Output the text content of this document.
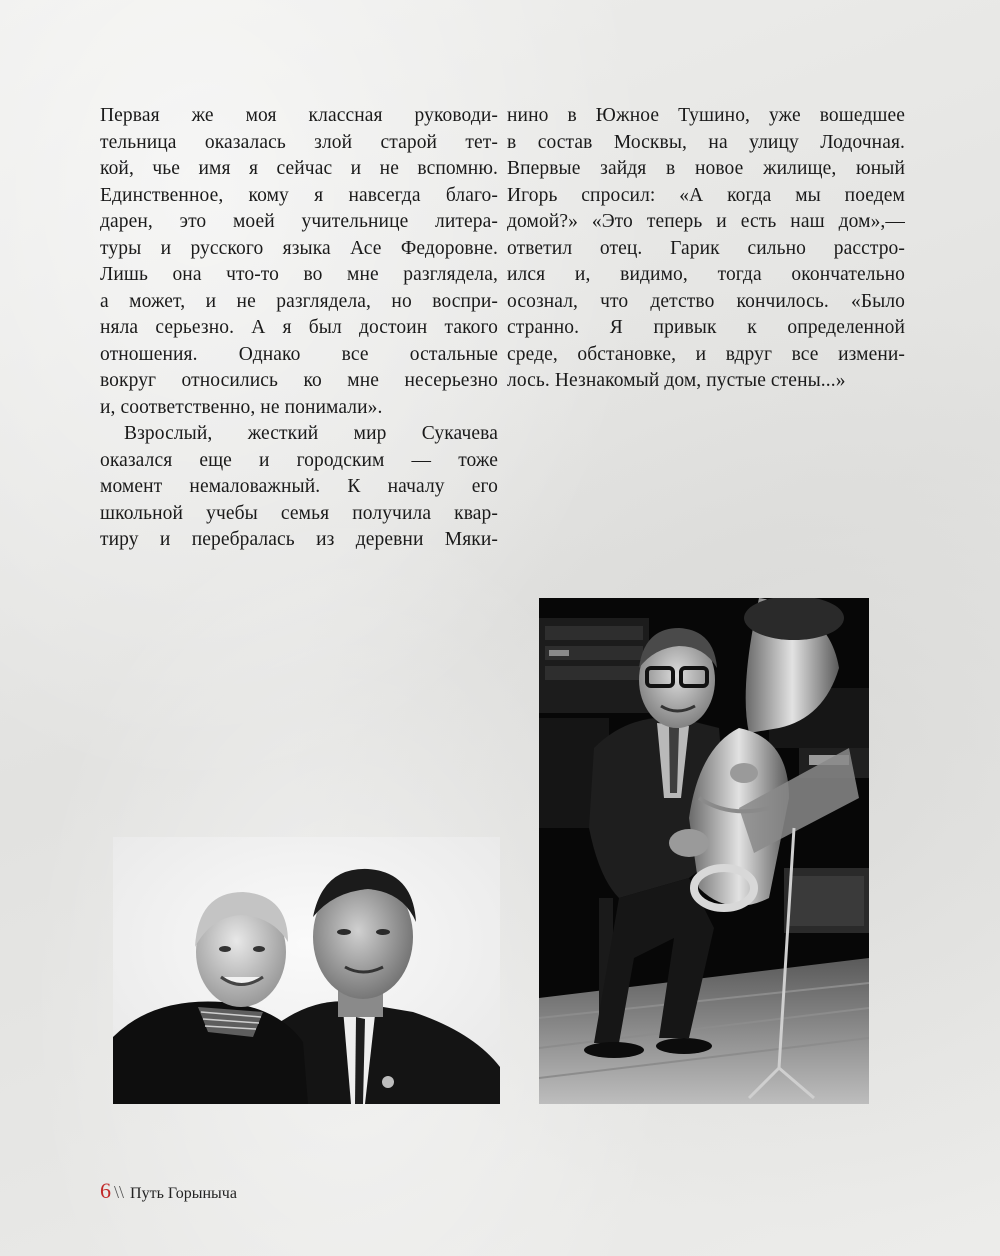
Первая же моя классная руководи-

тельница оказалась злой старой тет-

кой, чье имя я сейчас и не вспомню.

Единственное, кому я навсегда благо-

дарен, это моей учительнице литера-

туры и русского языка Асе Федоровне.

Лишь она что-то во мне разглядела,

а может, и не разглядела, но воспри-

няла серьезно. А я был достоин такого

отношения. Однако все остальные

вокруг относились ко мне несерьезно

и, соответственно, не понимали».

Взрослый, жесткий мир Сукачева

оказался еще и городским — тоже

момент немаловажный. К началу его

школьной учебы семья получила квар-

тиру и перебралась из деревни Мяки-

нино в Южное Тушино, уже вошедшее

в состав Москвы, на улицу Лодочная.

Впервые зайдя в новое жилище, юный

Игорь спросил: «А когда мы поедем

домой?» «Это теперь и есть наш дом»,—

ответил отец. Гарик сильно расстро-

ился и, видимо, тогда окончательно

осознал, что детство кончилось. «Было

странно. Я привык к определенной

среде, обстановке, и вдруг все измени-

лось. Незнакомый дом, пустые стены...»

6 \\ Путь Горыныча
